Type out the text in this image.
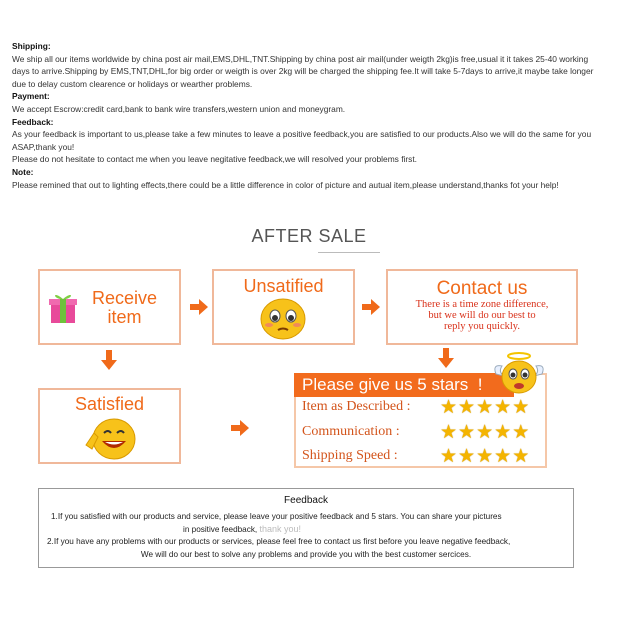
Shipping:

We ship all our items worldwide by china post air mail,EMS,DHL,TNT.Shipping by china post air mail(under weigth 2kg)is free,usual it it takes 25-40 working days to arrive.Shipping by EMS,TNT,DHL,for big order or weigth is over 2kg will be charged the shipping fee.It will take 5-7days to arrive,it maybe take longer due to delay custom clearence or holidays or wearther problems.

Payment:

We accept Escrow:credit card,bank to bank wire transfers,western union and moneygram.

Feedback:

As your feedback is important to us,please take a few minutes to leave a positive feedback,you are satisfied to our products.Also we will do the same for you ASAP,thank you!

Please do not hesitate to contact me when you leave negitative feedback,we will resolved your problems first.

Note:

Please remined that out to lighting effects,there could be a little difference in color of picture and autual item,please understand,thanks fot your help!

AFTER SALE
Receive
item
Unsatified	Contact us
There is a time zone difference,
but we will do our best to
reply you quickly.
Satisfied
Please give us 5 stars  !
Item as Described : ★★★★★
Communication : ★★★★★
Shipping Speed : ★★★★★
Feedback
1.If you satisfied with our products and service, please leave your positive feedback and 5 stars. You can share your pictures
in positive feedback, thank you!
2.If you have any problems with our products or services, please feel free to contact us first before you leave negative feedback,
We will do our best to solve any problems and provide you with the best customer sercices.
